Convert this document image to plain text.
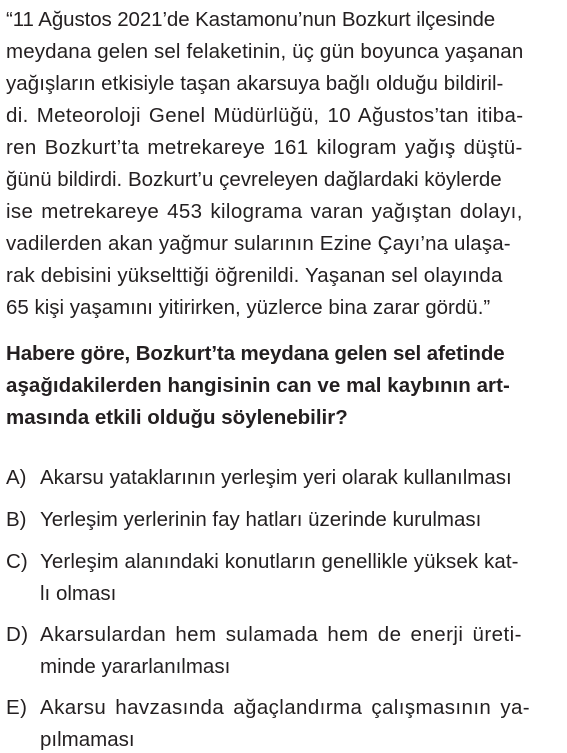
“11 Ağustos 2021’de Kastamonu’nun Bozkurt ilçesinde
meydana gelen sel felaketinin, üç gün boyunca yaşanan
yağışların etkisiyle taşan akarsuya bağlı olduğu bildiril-
di. Meteoroloji Genel Müdürlüğü, 10 Ağustos’tan itiba-
ren Bozkurt’ta metrekareye 161 kilogram yağış düştü-
ğünü bildirdi. Bozkurt’u çevreleyen dağlardaki köylerde
ise metrekareye 453 kilograma varan yağıştan dolayı,
vadilerden akan yağmur sularının Ezine Çayı’na ulaşa-
rak debisini yükselttiği öğrenildi. Yaşanan sel olayında
65 kişi yaşamını yitirirken, yüzlerce bina zarar gördü.”
Habere göre, Bozkurt’ta meydana gelen sel afetinde
aşağıdakilerden hangisinin can ve mal kaybının art-
masında etkili olduğu söylenebilir?
A) Akarsu yataklarının yerleşim yeri olarak kullanılması
B) Yerleşim yerlerinin fay hatları üzerinde kurulması
C) Yerleşim alanındaki konutların genellikle yüksek kat-
lı olması
D) Akarsulardan hem sulamada hem de enerji üreti-
minde yararlanılması
E) Akarsu havzasında ağaçlandırma çalışmasının ya-
pılmaması
